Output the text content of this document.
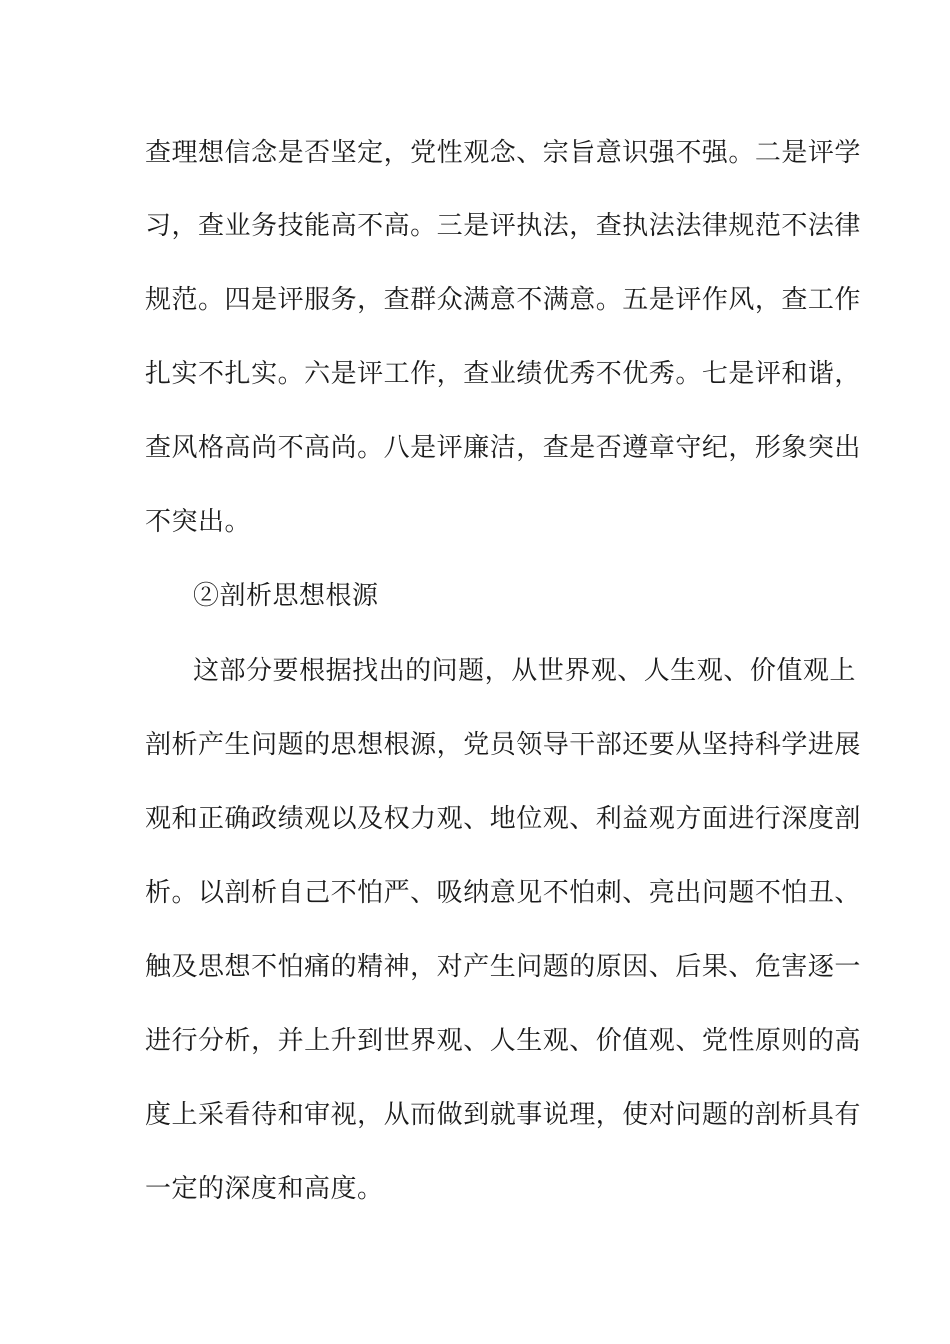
查 理 想 信 念 是 否 坚 定 ， 党 性 观 念 、 宗 旨 意 识 强 不 强 。 二 是 评 学
习 ， 查 业 务 技 能 高 不 高 。 三 是 评 执 法 ， 查 执 法 法 律 规 范 不 法 律
规 范 。 四 是 评 服 务 ， 查 群 众 满 意 不 满 意 。 五 是 评 作 风 ， 查 工 作
扎 实 不 扎 实 。 六 是 评 工 作 ， 查 业 绩 优 秀 不 优 秀 。 七 是 评 和 谐 ，
查 风 格 高 尚 不 高 尚 。 八 是 评 廉 洁 ， 查 是 否 遵 章 守 纪 ， 形 象 突 出
不突出。
②剖析思想根源
这 部 分 要 根 据 找 出 的 问 题 ， 从 世 界 观 、 人 生 观 、 价 值 观 上
剖 析 产 生 问 题 的 思 想 根 源 ， 党 员 领 导 干 部 还 要 从 坚 持 科 学 进 展
观 和 正 确 政 绩 观 以 及 权 力 观 、 地 位 观 、 利 益 观 方 面 进 行 深 度 剖
析 。 以 剖 析 自 己 不 怕 严 、 吸 纳 意 见 不 怕 刺 、 亮 出 问 题 不 怕 丑 、
触 及 思 想 不 怕 痛 的 精 神 ， 对 产 生 问 题 的 原 因 、 后 果 、 危 害 逐 一
进 行 分 析 ， 并 上 升 到 世 界 观 、 人 生 观 、 价 值 观 、 党 性 原 则 的 高
度 上 采 看 待 和 审 视 ， 从 而 做 到 就 事 说 理 ， 使 对 问 题 的 剖 析 具 有
一定的深度和高度。
